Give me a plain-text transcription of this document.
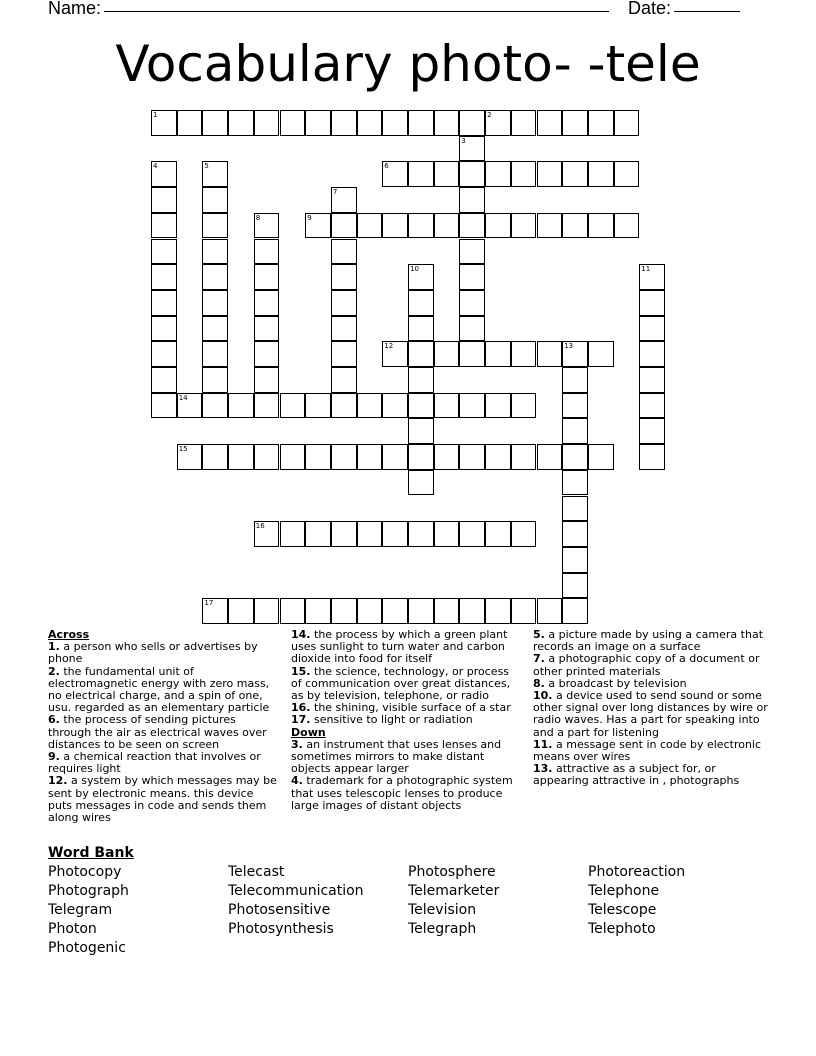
Name:	Date:
Vocabulary photo- -tele
1	2
3
4	5	6
7
8	9
10	11
12	13
14
15
16
17
Across
1. a person who sells or advertises by phone
2. the fundamental unit of electromagnetic energy with zero mass, no electrical charge, and a spin of one, usu. regarded as an elementary particle
6. the process of sending pictures through the air as electrical waves over distances to be seen on screen
9. a chemical reaction that involves or requires light
12. a system by which messages may be sent by electronic means. this device puts messages in code and sends them along wires
14. the process by which a green plant uses sunlight to turn water and carbon dioxide into food for itself
15. the science, technology, or process of communication over great distances, as by television, telephone, or radio
16. the shining, visible surface of a star
17. sensitive to light or radiation
Down
3. an instrument that uses lenses and sometimes mirrors to make distant objects appear larger
4. trademark for a photographic system that uses telescopic lenses to produce large images of distant objects
5. a picture made by using a camera that records an image on a surface
7. a photographic copy of a document or other printed materials
8. a broadcast by television
10. a device used to send sound or some other signal over long distances by wire or radio waves. Has a part for speaking into and a part for listening
11. a message sent in code by electronic means over wires
13. attractive as a subject for, or appearing attractive in , photographs
Word Bank
Photocopy	Telecast	Photosphere	Photoreaction
Photograph	Telecommunication	Telemarketer	Telephone
Telegram	Photosensitive	Television	Telescope
Photon	Photosynthesis	Telegraph	Telephoto
Photogenic
